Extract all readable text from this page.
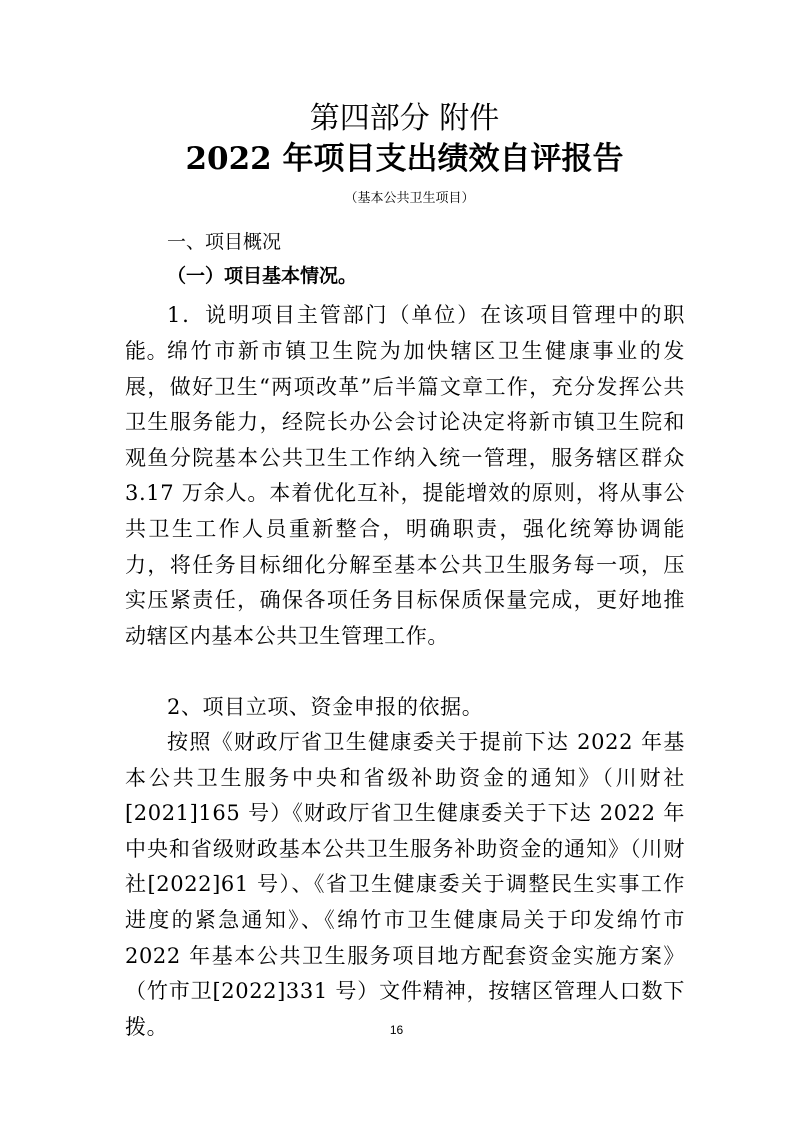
第四部分 附件
2022 年项目支出绩效自评报告
（基本公共卫生项目）
一、项目概况
（一）项目基本情况。

1．说明项目主管部门（单位）在该项目管理中的职能。

绵竹市新市镇卫生院为加快辖区卫生健康事业的发展，做好卫生“两项改革”后半篇文章工作，充分发挥公共卫生服务能力，经院长办公会讨论决定将新市镇卫生院和观鱼分院基本公共卫生工作纳入统一管理，服务辖区群众 3.17 万余人。本着优化互补，提能增效的原则，将从事公共卫生工作人员重新整合，明确职责，强化统筹协调能力，将任务目标细化分解至基本公共卫生服务每一项，压实压紧责任，确保各项任务目标保质保量完成，更好地推动辖区内基本公共卫生管理工作。

2、项目立项、资金申报的依据。

按照《财政厅省卫生健康委关于提前下达 2022 年基本公共卫生服务中央和省级补助资金的通知》（川财社[2021]165 号）《财政厅省卫生健康委关于下达 2022 年中央和省级财政基本公共卫生服务补助资金的通知》（川财社[2022]61 号）、《省卫生健康委关于调整民生实事工作进度的紧急通知》、《绵竹市卫生健康局关于印发绵竹市 2022 年基本公共卫生服务项目地方配套资金实施方案》（竹市卫[2022]331 号）文件精神，按辖区管理人口数下拨。	16
